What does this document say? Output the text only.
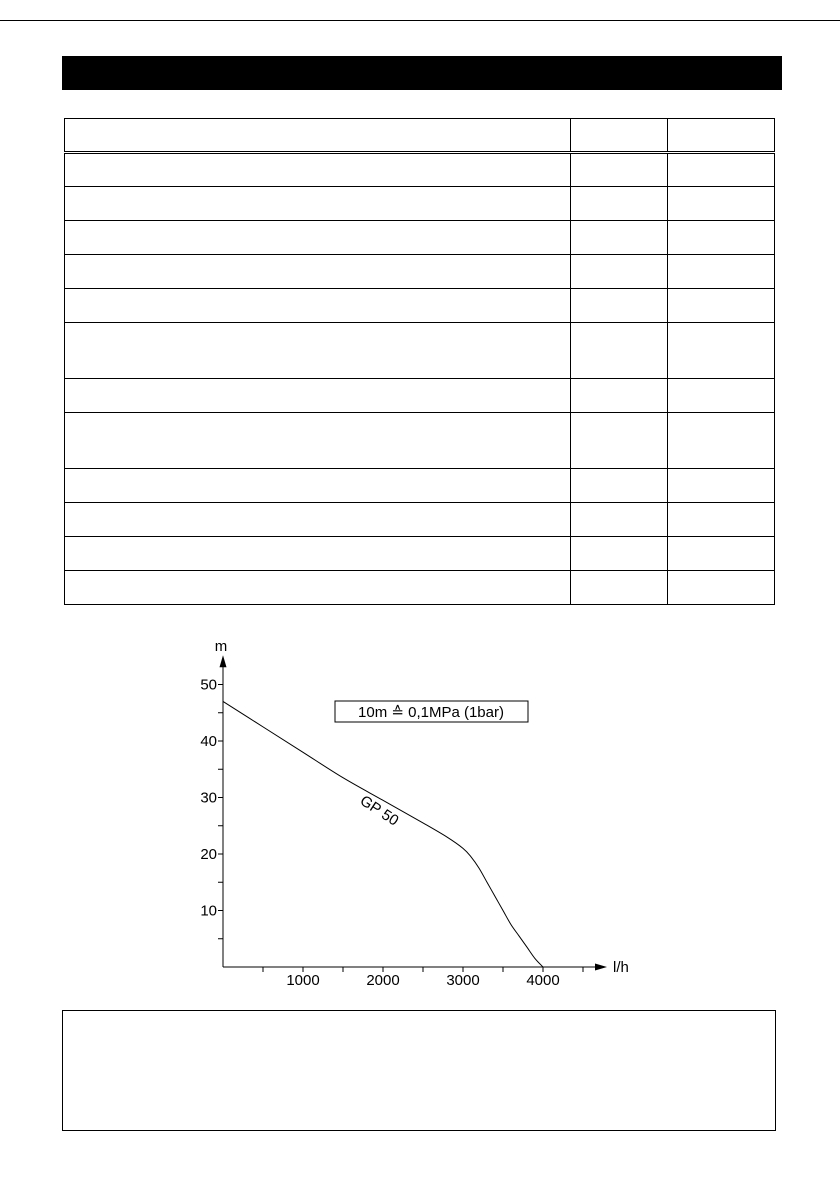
l/h
m
1000	2000	3000	4000
10
20
30
40
50
GP 50
10m ≙ 0,1MPa (1bar)
